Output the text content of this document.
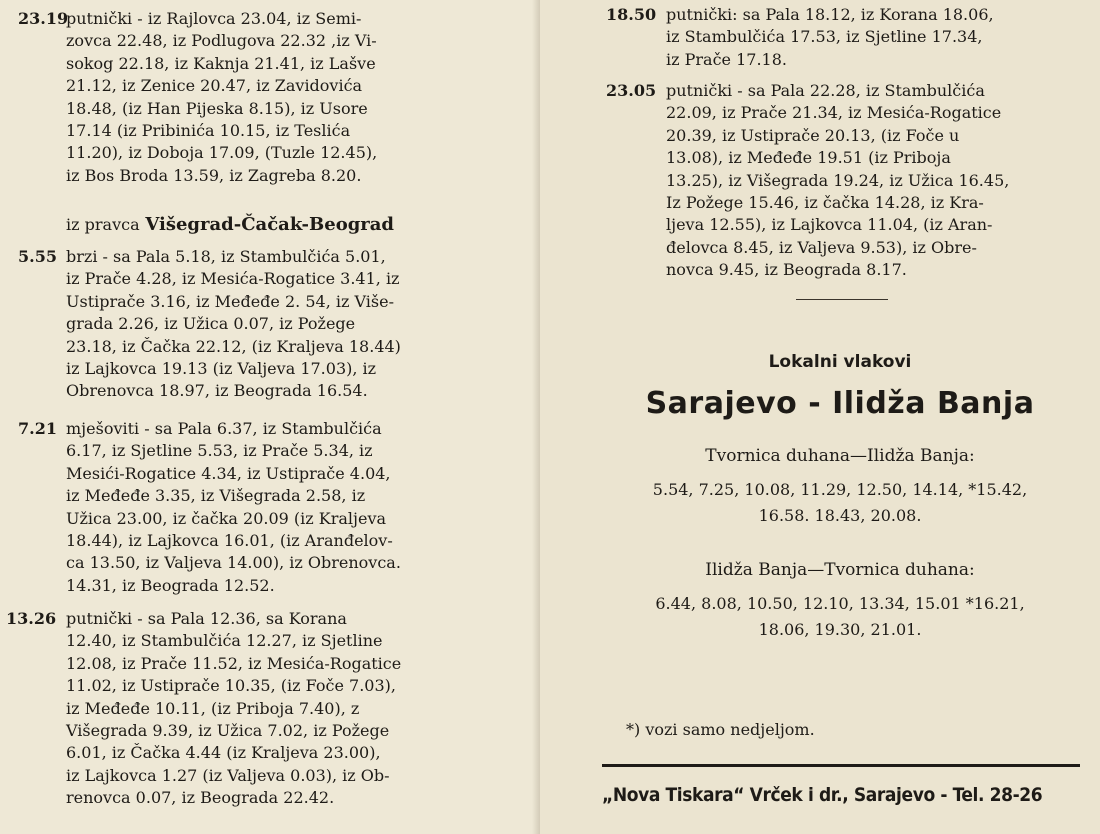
23.19
putnički - iz Rajlovca 23.04, iz Semi-
zovca 22.48, iz Podlugova 22.32 ,iz Vi-
sokog 22.18, iz Kaknja 21.41, iz Lašve
21.12, iz Zenice 20.47, iz Zavidovića
18.48, (iz Han Pijeska 8.15), iz Usore
17.14 (iz Pribinića 10.15, iz Teslića
11.20), iz Doboja 17.09, (Tuzle 12.45),
iz Bos Broda 13.59, iz Zagreba 8.20.
iz pravca Višegrad-Čačak-Beograd
5.55 brzi - sa Pala 5.18, iz Stambulčića 5.01,
iz Prače 4.28, iz Mesića-Rogatice 3.41, iz
Ustiprače 3.16, iz Međeđe 2. 54, iz Više-
grada 2.26, iz Užica 0.07, iz Požege
23.18, iz Čačka 22.12, (iz Kraljeva 18.44)
iz Lajkovca 19.13 (iz Valjeva 17.03), iz
Obrenovca 18.97, iz Beograda 16.54.
7.21 mješoviti - sa Pala 6.37, iz Stambulčića
6.17, iz Sjetline 5.53, iz Prače 5.34, iz
Mesići-Rogatice 4.34, iz Ustiprače 4.04,
iz Međeđe 3.35, iz Višegrada 2.58, iz
Užica 23.00, iz čačka 20.09 (iz Kraljeva
18.44), iz Lajkovca 16.01, (iz Aranđelov-
ca 13.50, iz Valjeva 14.00), iz Obrenovca.
14.31, iz Beograda 12.52.
13.26 putnički - sa Pala 12.36, sa Korana
12.40, iz Stambulčića 12.27, iz Sjetline
12.08, iz Prače 11.52, iz Mesića-Rogatice
11.02, iz Ustiprače 10.35, (iz Foče 7.03),
iz Međeđe 10.11, (iz Priboja 7.40), z
Višegrada 9.39, iz Užica 7.02, iz Požege
6.01, iz Čačka 4.44 (iz Kraljeva 23.00),
iz Lajkovca 1.27 (iz Valjeva 0.03), iz Ob-
renovca 0.07, iz Beograda 22.42.
18.50 putnički: sa Pala 18.12, iz Korana 18.06,
iz Stambulčića 17.53, iz Sjetline 17.34,
iz Prače 17.18.
23.05 putnički - sa Pala 22.28, iz Stambulčića
22.09, iz Prače 21.34, iz Mesića-Rogatice
20.39, iz Ustiprače 20.13, (iz Foče u
13.08), iz Međeđe 19.51 (iz Priboja
13.25), iz Višegrada 19.24, iz Užica 16.45,
Iz Požege 15.46, iz čačka 14.28, iz Kra-
ljeva 12.55), iz Lajkovca 11.04, (iz Aran-
đelovca 8.45, iz Valjeva 9.53), iz Obre-
novca 9.45, iz Beograda 8.17.
Lokalni vlakovi
Sarajevo - Ilidža Banja
Tvornica duhana—Ilidža Banja:
5.54, 7.25, 10.08, 11.29, 12.50, 14.14, *15.42,
16.58. 18.43, 20.08.
Ilidža Banja—Tvornica duhana:
6.44, 8.08, 10.50, 12.10, 13.34, 15.01 *16.21,
18.06, 19.30, 21.01.
*) vozi samo nedjeljom.
„Nova Tiskara“ Vrček i dr., Sarajevo - Tel. 28-26
